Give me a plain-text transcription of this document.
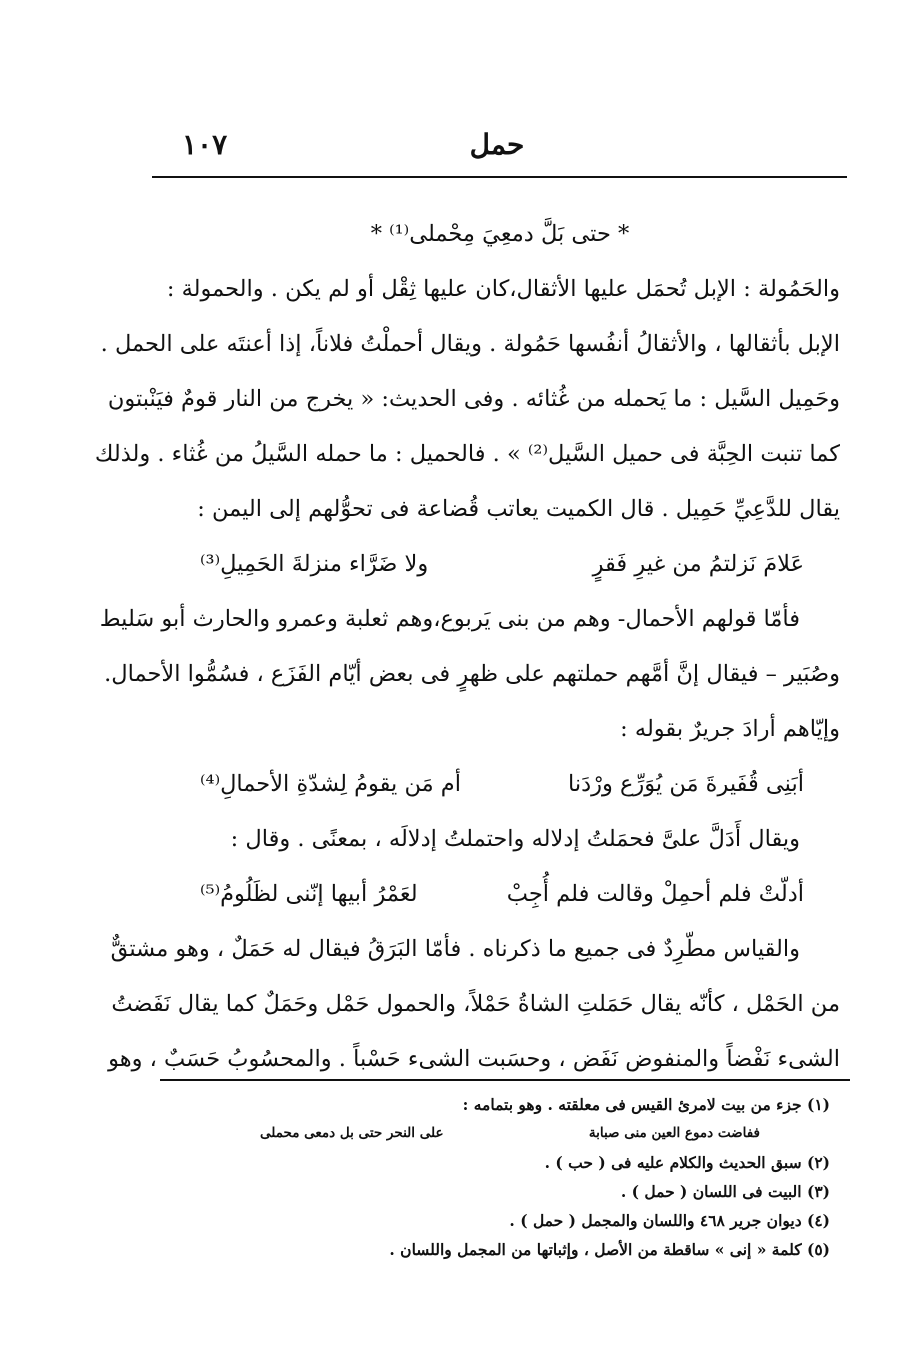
حمل
١٠٧
* حتى بَلَّ دمعِيَ مِحْملى⁽¹⁾ *
والحَمُولة : الإبل تُحمَل عليها الأثقال،كان عليها ثِقْل أو لم يكن . والحمولة :
الإبل بأثقالها ، والأثقالُ أنفُسها حَمُولة . ويقال أحملْتُ فلاناً، إذا أعنتَه على الحمل .
وحَمِيل السَّيل : ما يَحمله من غُثائه . وفى الحديث: « يخرج من النار قومٌ فيَنْبتون
كما تنبت الحِبَّة فى حميل السَّيل⁽²⁾ » . فالحميل : ما حمله السَّيلُ من غُثاء . ولذلك
يقال للدَّعِيِّ حَمِيل . قال الكميت يعاتب قُضاعة فى تحوُّلهم إلى اليمن :
عَلامَ نَزلتمُ من غيرِ فَقرٍ
ولا ضَرَّاء منزلةَ الحَمِيلِ⁽³⁾
فأمّا قولهم الأحمال- وهم من بنى يَربوع،وهم ثعلبة وعمرو والحارث أبو سَليط
وصُبَير – فيقال إنَّ أمَّهم حملتهم على ظهرٍ فى بعض أيّام الفَزَع ، فسُمُّوا الأحمال.
وإيّاهم أرادَ جريرٌ بقوله :
أبَنِى قُفَيرةَ مَن يُوَرِّع ورْدَنا
أم مَن يقومُ لِشدّةِ الأحمالِ⁽⁴⁾
ويقال أَدَلَّ علىَّ فحمَلتُ إدلاله واحتملتُ إدلالَه ، بمعنًى . وقال :
أدلّتْ فلم أحمِلْ وقالت فلم أُجِبْ
لعَمْرُ أبيها إنّنى لظَلُومُ⁽⁵⁾
والقياس مطّرِدٌ فى جميع ما ذكرناه . فأمّا البَرَقُ فيقال له حَمَلٌ ، وهو مشتقٌّ
من الحَمْل ، كأنّه يقال حَمَلتِ الشاةُ حَمْلاً، والحمول حَمْل وحَمَلٌ كما يقال نَفَضتُ
الشىء نَفْضاً والمنفوض نَفَض ، وحسَبت الشىء حَسْباً . والمحسُوبُ حَسَبٌ ، وهو
(١) جزء من بيت لامرئ القيس فى معلقته . وهو بتمامه :
ففاضت دموع العين منى صبابة
على النحر حتى بل دمعى محملى
(٢) سبق الحديث والكلام عليه فى ( حب ) .
(٣) البيت فى اللسان ( حمل ) .
(٤) ديوان جرير ٤٦٨ واللسان والمجمل ( حمل ) .
(٥) كلمة « إنى » ساقطة من الأصل ، وإثباتها من المجمل واللسان .
